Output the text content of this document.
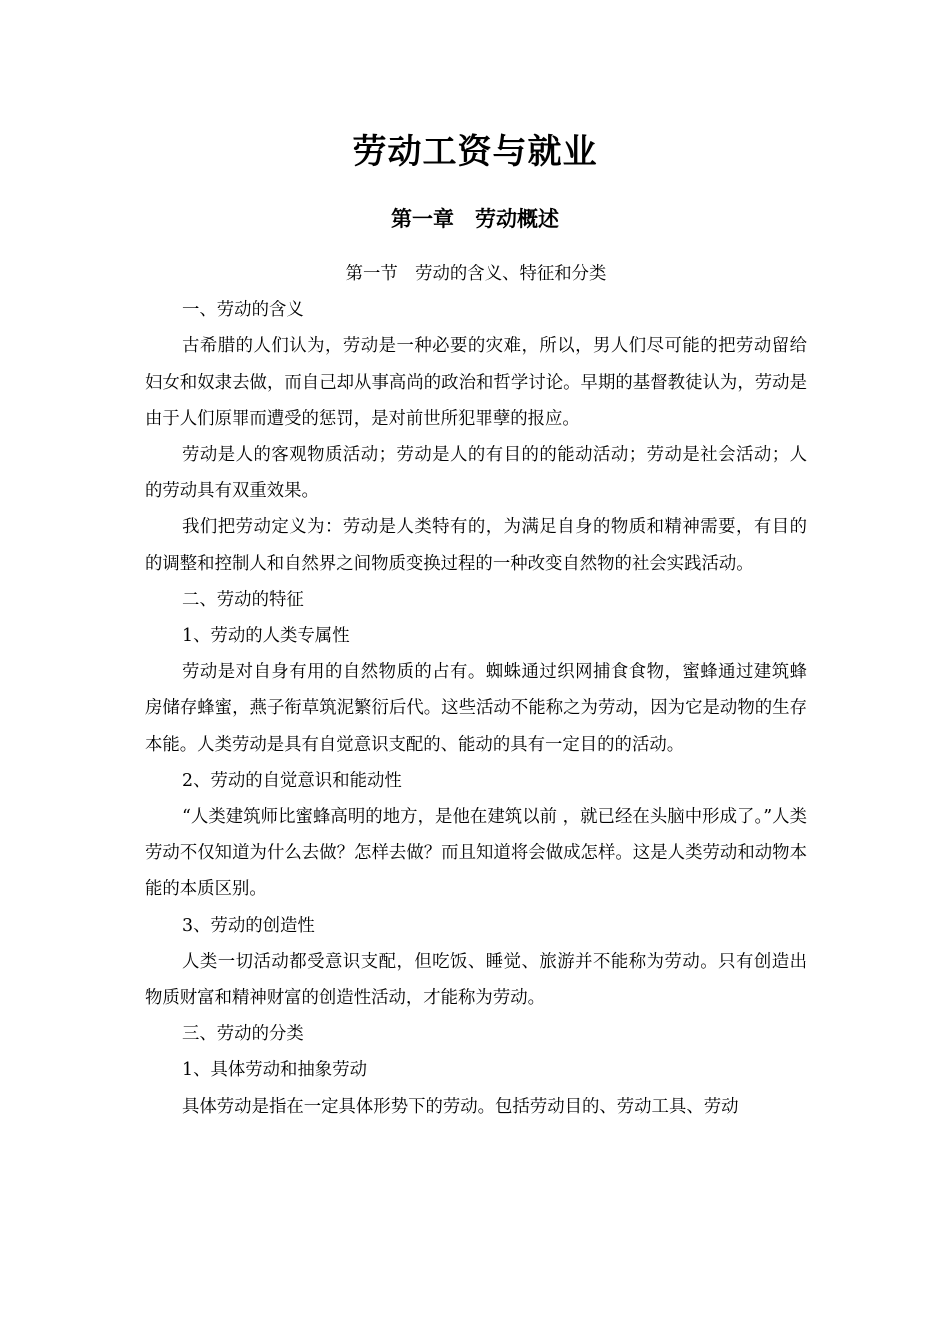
劳动工资与就业
第一章　劳动概述

第一节　劳动的含义、特征和分类

一、劳动的含义

古希腊的人们认为，劳动是一种必要的灾难，所以，男人们尽可能的把劳动留给妇女和奴隶去做，而自己却从事高尚的政治和哲学讨论。早期的基督教徒认为，劳动是由于人们原罪而遭受的惩罚，是对前世所犯罪孽的报应。

劳动是人的客观物质活动；劳动是人的有目的的能动活动；劳动是社会活动；人的劳动具有双重效果。

我们把劳动定义为：劳动是人类特有的，为满足自身的物质和精神需要，有目的的调整和控制人和自然界之间物质变换过程的一种改变自然物的社会实践活动。

二、劳动的特征

1、劳动的人类专属性

劳动是对自身有用的自然物质的占有。蜘蛛通过织网捕食食物，蜜蜂通过建筑蜂房储存蜂蜜，燕子衔草筑泥繁衍后代。这些活动不能称之为劳动，因为它是动物的生存本能。人类劳动是具有自觉意识支配的、能动的具有一定目的的活动。

2、劳动的自觉意识和能动性

“人类建筑师比蜜蜂高明的地方，是他在建筑以前 ，就已经在头脑中形成了。”人类劳动不仅知道为什么去做？怎样去做？而且知道将会做成怎样。这是人类劳动和动物本能的本质区别。

3、劳动的创造性

人类一切活动都受意识支配，但吃饭、睡觉、旅游并不能称为劳动。只有创造出物质财富和精神财富的创造性活动，才能称为劳动。

三、劳动的分类

1、具体劳动和抽象劳动

具体劳动是指在一定具体形势下的劳动。包括劳动目的、劳动工具、劳动
